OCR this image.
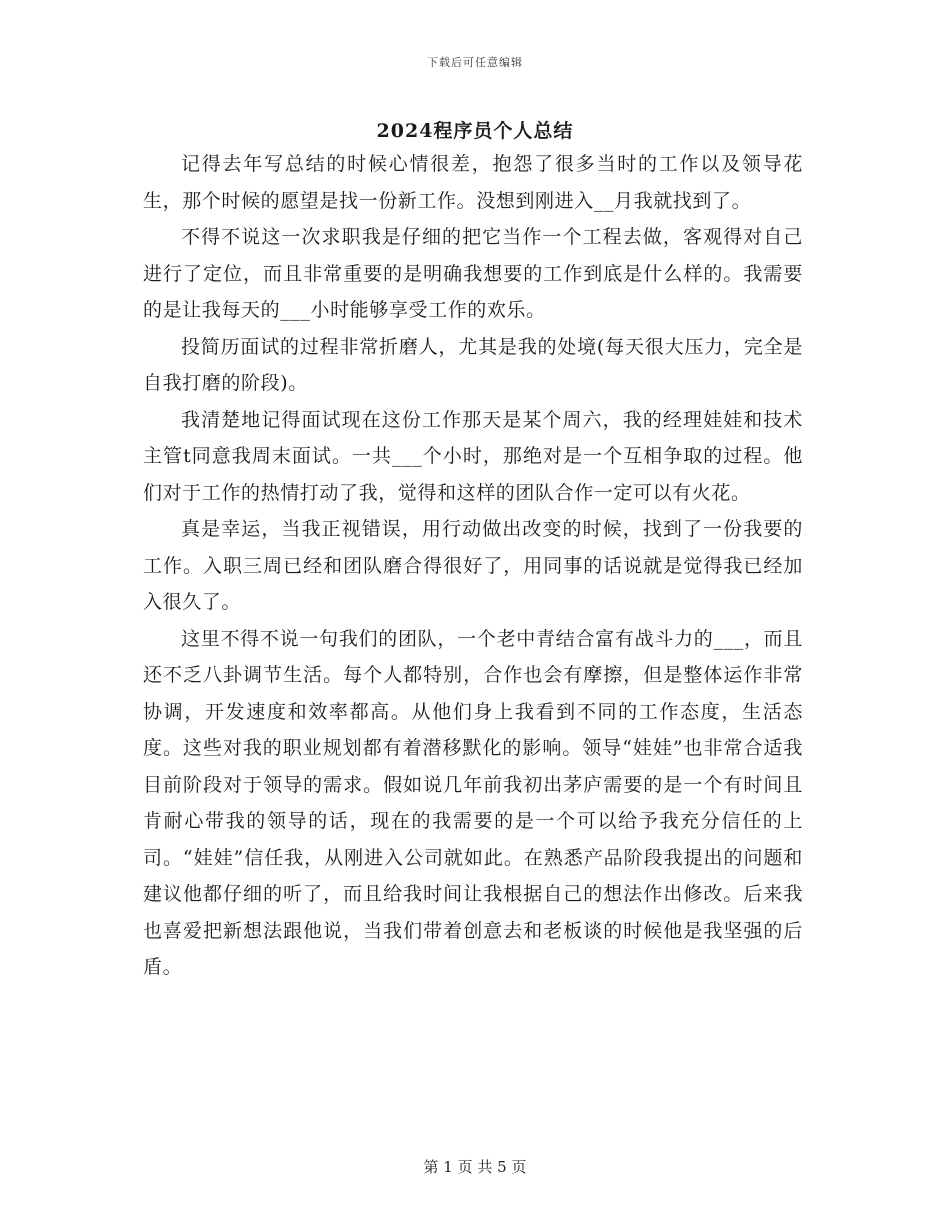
下载后可任意编辑
2024程序员个人总结

记得去年写总结的时候心情很差，抱怨了很多当时的工作以及领导花生，那个时候的愿望是找一份新工作。没想到刚进入__月我就找到了。

不得不说这一次求职我是仔细的把它当作一个工程去做，客观得对自己进行了定位，而且非常重要的是明确我想要的工作到底是什么样的。我需要的是让我每天的___小时能够享受工作的欢乐。

投简历面试的过程非常折磨人，尤其是我的处境(每天很大压力，完全是自我打磨的阶段)。

我清楚地记得面试现在这份工作那天是某个周六，我的经理娃娃和技术主管t同意我周末面试。一共___个小时，那绝对是一个互相争取的过程。他们对于工作的热情打动了我，觉得和这样的团队合作一定可以有火花。

真是幸运，当我正视错误，用行动做出改变的时候，找到了一份我要的工作。入职三周已经和团队磨合得很好了，用同事的话说就是觉得我已经加入很久了。

这里不得不说一句我们的团队，一个老中青结合富有战斗力的___，而且还不乏八卦调节生活。每个人都特别，合作也会有摩擦，但是整体运作非常协调，开发速度和效率都高。从他们身上我看到不同的工作态度，生活态度。这些对我的职业规划都有着潜移默化的影响。领导“娃娃”也非常合适我目前阶段对于领导的需求。假如说几年前我初出茅庐需要的是一个有时间且肯耐心带我的领导的话，现在的我需要的是一个可以给予我充分信任的上司。“娃娃”信任我，从刚进入公司就如此。在熟悉产品阶段我提出的问题和建议他都仔细的听了，而且给我时间让我根据自己的想法作出修改。后来我也喜爱把新想法跟他说，当我们带着创意去和老板谈的时候他是我坚强的后盾。

第 1 页 共 5 页
